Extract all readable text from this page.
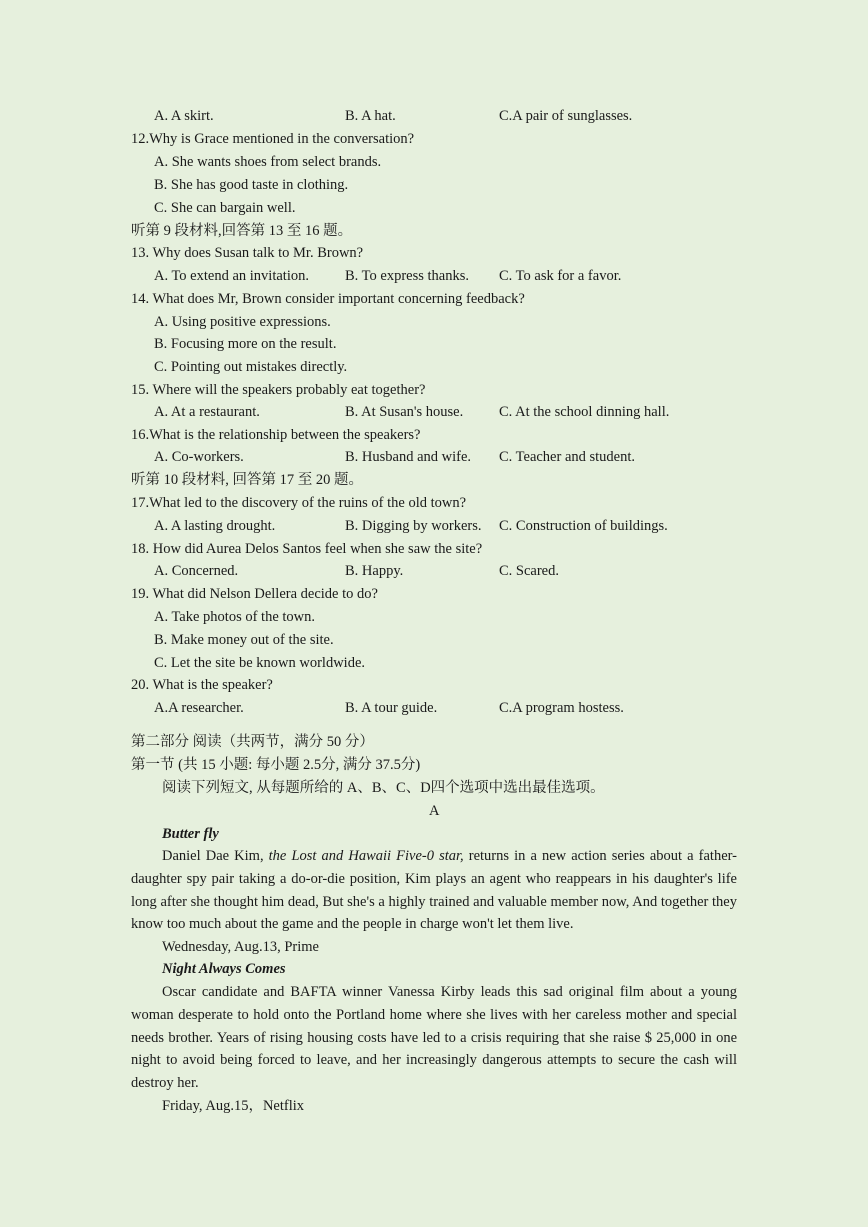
A. A skirt.	B. A hat.	C.A pair of sunglasses.
12.Why is Grace mentioned in the conversation?
A. She wants shoes from select brands.
B. She has good taste in clothing.
C. She can bargain well.
听第 9 段材料,回答第 13 至 16 题。
13. Why does Susan talk to Mr. Brown?
A. To extend an invitation. B. To express thanks. C. To ask for a favor.
14. What does Mr, Brown consider important concerning feedback?
A. Using positive expressions.
B. Focusing more on the result.
C. Pointing out mistakes directly.
15. Where will the speakers probably eat together?
A. At a restaurant.	B. At Susan's house. C. At the school dinning hall.
16.What is the relationship between the speakers?
A. Co-workers.	B. Husband and wife. C. Teacher and student.
听第 10 段材料, 回答第 17 至 20 题。
17.What led to the discovery of the ruins of the old town?
A. A lasting drought.	B. Digging by workers. C. Construction of buildings.
18. How did Aurea Delos Santos feel when she saw the site?
A. Concerned.	B. Happy.	C. Scared.
19. What did Nelson Dellera decide to do?
A. Take photos of the town.
B. Make money out of the site.
C. Let the site be known worldwide.
20. What is the speaker?
A.A researcher.	B. A tour guide.	C.A program hostess.
第二部分 阅读（共两节，满分 50 分）
第一节 (共 15 小题: 每小题 2.5分, 满分 37.5分)
阅读下列短文, 从每题所给的 A、B、C、D四个选项中选出最佳选项。
A
Butter fly
Daniel Dae Kim, the Lost and Hawaii Five-0 star, returns in a new action series about a father-daughter spy pair taking a do-or-die position, Kim plays an agent who reappears in his daughter's life long after she thought him dead, But she's a highly trained and valuable member now, And together they know too much about the game and the people in charge won't let them live.
Wednesday, Aug.13, Prime
Night Always Comes
Oscar candidate and BAFTA winner Vanessa Kirby leads this sad original film about a young woman desperate to hold onto the Portland home where she lives with her careless mother and special needs brother. Years of rising housing costs have led to a crisis requiring that she raise $ 25,000 in one night to avoid being forced to leave, and her increasingly dangerous attempts to secure the cash will destroy her.
Friday, Aug.15，Netflix
